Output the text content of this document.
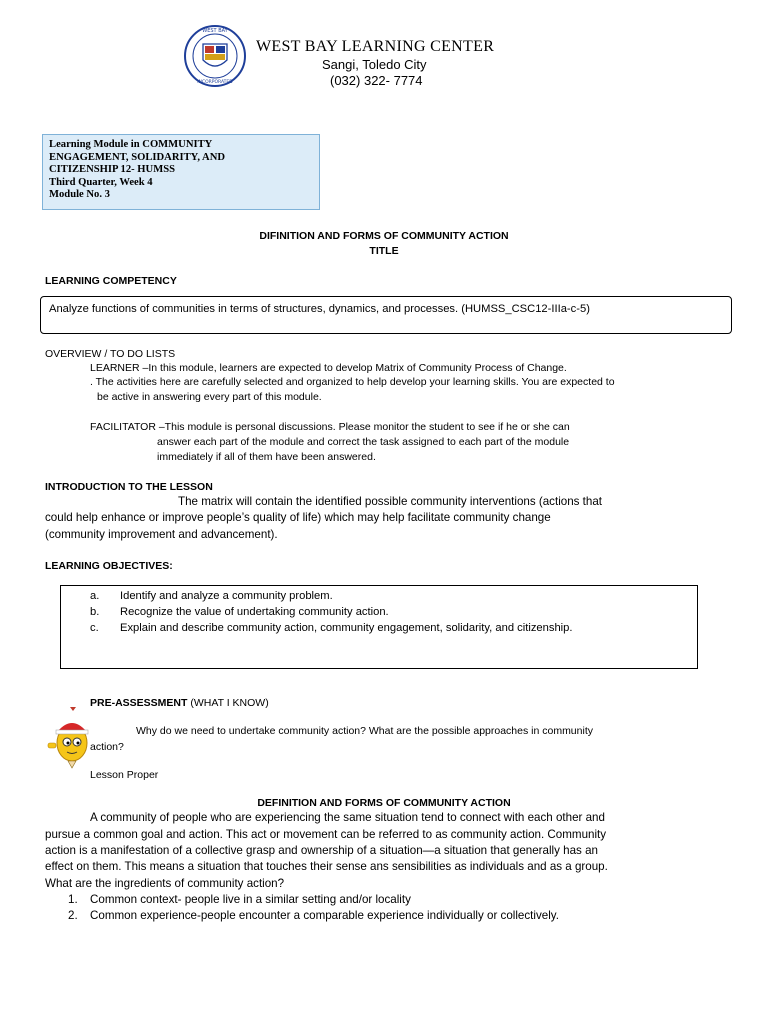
WEST BAY
INCORPORATED
WEST BAY LEARNING CENTER
Sangi, Toledo City
(032) 322- 7774
Learning Module in COMMUNITY
ENGAGEMENT, SOLIDARITY, AND
CITIZENSHIP 12- HUMSS
Third Quarter, Week 4
Module No. 3
DIFINITION AND FORMS OF COMMUNITY ACTION
TITLE
LEARNING COMPETENCY
Analyze functions of communities in terms of structures, dynamics, and processes. (HUMSS_CSC12-IIIa-c-5)
OVERVIEW / TO DO LISTS
LEARNER –In this module, learners are expected to develop Matrix of Community Process of Change.
. The activities here are carefully selected and organized to help develop your learning skills. You are expected to
be active in answering every part of this module.
FACILITATOR –This module is personal discussions. Please monitor the student to see if he or she can
answer each part of the module and correct the task assigned to each part of the module
immediately if all of them have been answered.
INTRODUCTION TO THE LESSON
The matrix will contain the identified possible community interventions (actions that
could help enhance or improve people’s quality of life) which may help facilitate community change
(community improvement and advancement).
LEARNING OBJECTIVES:
a. Identify and analyze a community problem.
b. Recognize the value of undertaking community action.
c. Explain and describe community action, community engagement, solidarity, and citizenship.
PRE-ASSESSMENT (WHAT I KNOW)
Why do we need to undertake community action? What are the possible approaches in community
action?
Lesson Proper
DEFINITION AND FORMS OF COMMUNITY ACTION
A community of people who are experiencing the same situation tend to connect with each other and
pursue a common goal and action. This act or movement can be referred to as community action. Community
action is a manifestation of a collective grasp and ownership of a situation—a situation that generally has an
effect on them. This means a situation that touches their sense ans sensibilities as individuals and as a group.
What are the ingredients of community action?
1. Common context- people live in a similar setting and/or locality
2. Common experience-people encounter a comparable experience individually or collectively.
